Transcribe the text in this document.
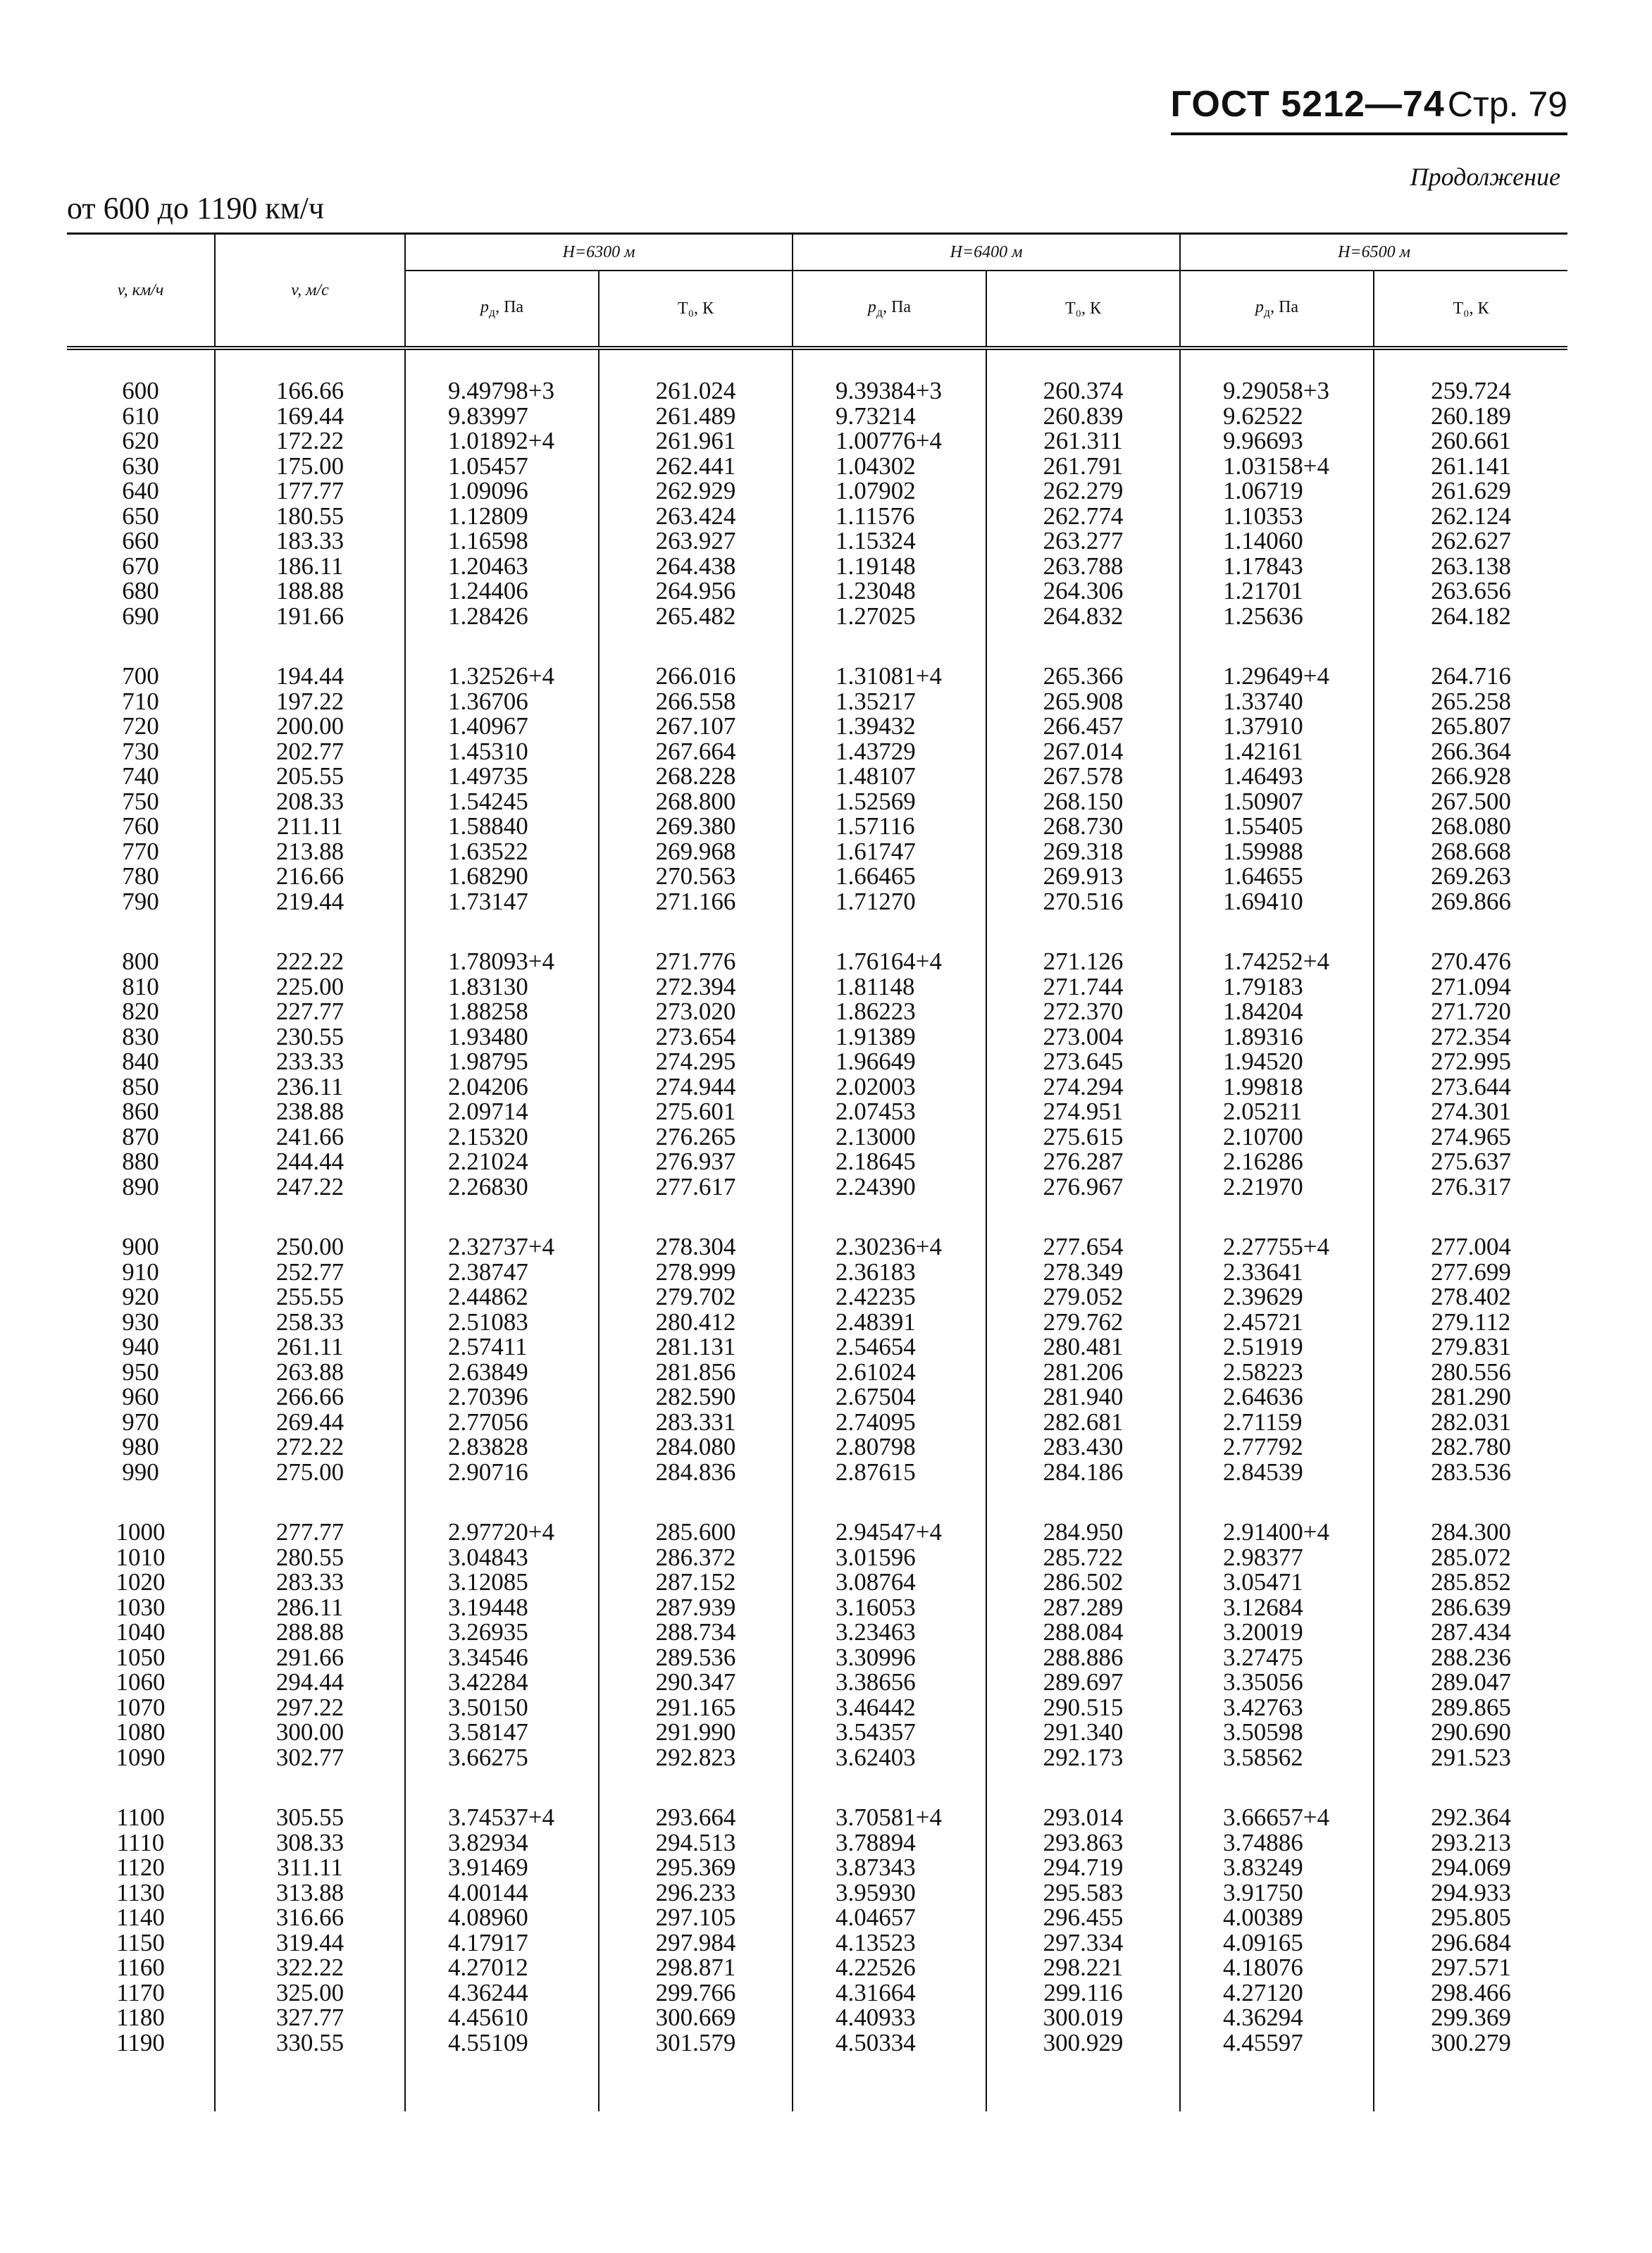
ГОСТ 5212—74 Стр. 79
Продолжение
от 600 до 1190 км/ч
v, км/ч	v, м/с	H=6300 м		H=6400 м		H=6500 м	
		$p_д$, Па	T₀, К	$p_д$, Па	T₀, К	$p_д$, Па	T₀, К

600	166.66	9.49798+3	261.024	9.39384+3	260.374	9.29058+3	259.724
610	169.44	9.83997	261.489	9.73214	260.839	9.62522	260.189
620	172.22	1.01892+4	261.961	1.00776+4	261.311	9.96693	260.661
630	175.00	1.05457	262.441	1.04302	261.791	1.03158+4	261.141
640	177.77	1.09096	262.929	1.07902	262.279	1.06719	261.629
650	180.55	1.12809	263.424	1.11576	262.774	1.10353	262.124
660	183.33	1.16598	263.927	1.15324	263.277	1.14060	262.627
670	186.11	1.20463	264.438	1.19148	263.788	1.17843	263.138
680	188.88	1.24406	264.956	1.23048	264.306	1.21701	263.656
690	191.66	1.28426	265.482	1.27025	264.832	1.25636	264.182

700	194.44	1.32526+4	266.016	1.31081+4	265.366	1.29649+4	264.716
710	197.22	1.36706	266.558	1.35217	265.908	1.33740	265.258
720	200.00	1.40967	267.107	1.39432	266.457	1.37910	265.807
730	202.77	1.45310	267.664	1.43729	267.014	1.42161	266.364
740	205.55	1.49735	268.228	1.48107	267.578	1.46493	266.928
750	208.33	1.54245	268.800	1.52569	268.150	1.50907	267.500
760	211.11	1.58840	269.380	1.57116	268.730	1.55405	268.080
770	213.88	1.63522	269.968	1.61747	269.318	1.59988	268.668
780	216.66	1.68290	270.563	1.66465	269.913	1.64655	269.263
790	219.44	1.73147	271.166	1.71270	270.516	1.69410	269.866

800	222.22	1.78093+4	271.776	1.76164+4	271.126	1.74252+4	270.476
810	225.00	1.83130	272.394	1.81148	271.744	1.79183	271.094
820	227.77	1.88258	273.020	1.86223	272.370	1.84204	271.720
830	230.55	1.93480	273.654	1.91389	273.004	1.89316	272.354
840	233.33	1.98795	274.295	1.96649	273.645	1.94520	272.995
850	236.11	2.04206	274.944	2.02003	274.294	1.99818	273.644
860	238.88	2.09714	275.601	2.07453	274.951	2.05211	274.301
870	241.66	2.15320	276.265	2.13000	275.615	2.10700	274.965
880	244.44	2.21024	276.937	2.18645	276.287	2.16286	275.637
890	247.22	2.26830	277.617	2.24390	276.967	2.21970	276.317

900	250.00	2.32737+4	278.304	2.30236+4	277.654	2.27755+4	277.004
910	252.77	2.38747	278.999	2.36183	278.349	2.33641	277.699
920	255.55	2.44862	279.702	2.42235	279.052	2.39629	278.402
930	258.33	2.51083	280.412	2.48391	279.762	2.45721	279.112
940	261.11	2.57411	281.131	2.54654	280.481	2.51919	279.831
950	263.88	2.63849	281.856	2.61024	281.206	2.58223	280.556
960	266.66	2.70396	282.590	2.67504	281.940	2.64636	281.290
970	269.44	2.77056	283.331	2.74095	282.681	2.71159	282.031
980	272.22	2.83828	284.080	2.80798	283.430	2.77792	282.780
990	275.00	2.90716	284.836	2.87615	284.186	2.84539	283.536

1000	277.77	2.97720+4	285.600	2.94547+4	284.950	2.91400+4	284.300
1010	280.55	3.04843	286.372	3.01596	285.722	2.98377	285.072
1020	283.33	3.12085	287.152	3.08764	286.502	3.05471	285.852
1030	286.11	3.19448	287.939	3.16053	287.289	3.12684	286.639
1040	288.88	3.26935	288.734	3.23463	288.084	3.20019	287.434
1050	291.66	3.34546	289.536	3.30996	288.886	3.27475	288.236
1060	294.44	3.42284	290.347	3.38656	289.697	3.35056	289.047
1070	297.22	3.50150	291.165	3.46442	290.515	3.42763	289.865
1080	300.00	3.58147	291.990	3.54357	291.340	3.50598	290.690
1090	302.77	3.66275	292.823	3.62403	292.173	3.58562	291.523

1100	305.55	3.74537+4	293.664	3.70581+4	293.014	3.66657+4	292.364
1110	308.33	3.82934	294.513	3.78894	293.863	3.74886	293.213
1120	311.11	3.91469	295.369	3.87343	294.719	3.83249	294.069
1130	313.88	4.00144	296.233	3.95930	295.583	3.91750	294.933
1140	316.66	4.08960	297.105	4.04657	296.455	4.00389	295.805
1150	319.44	4.17917	297.984	4.13523	297.334	4.09165	296.684
1160	322.22	4.27012	298.871	4.22526	298.221	4.18076	297.571
1170	325.00	4.36244	299.766	4.31664	299.116	4.27120	298.466
1180	327.77	4.45610	300.669	4.40933	300.019	4.36294	299.369
1190	330.55	4.55109	301.579	4.50334	300.929	4.45597	300.279
